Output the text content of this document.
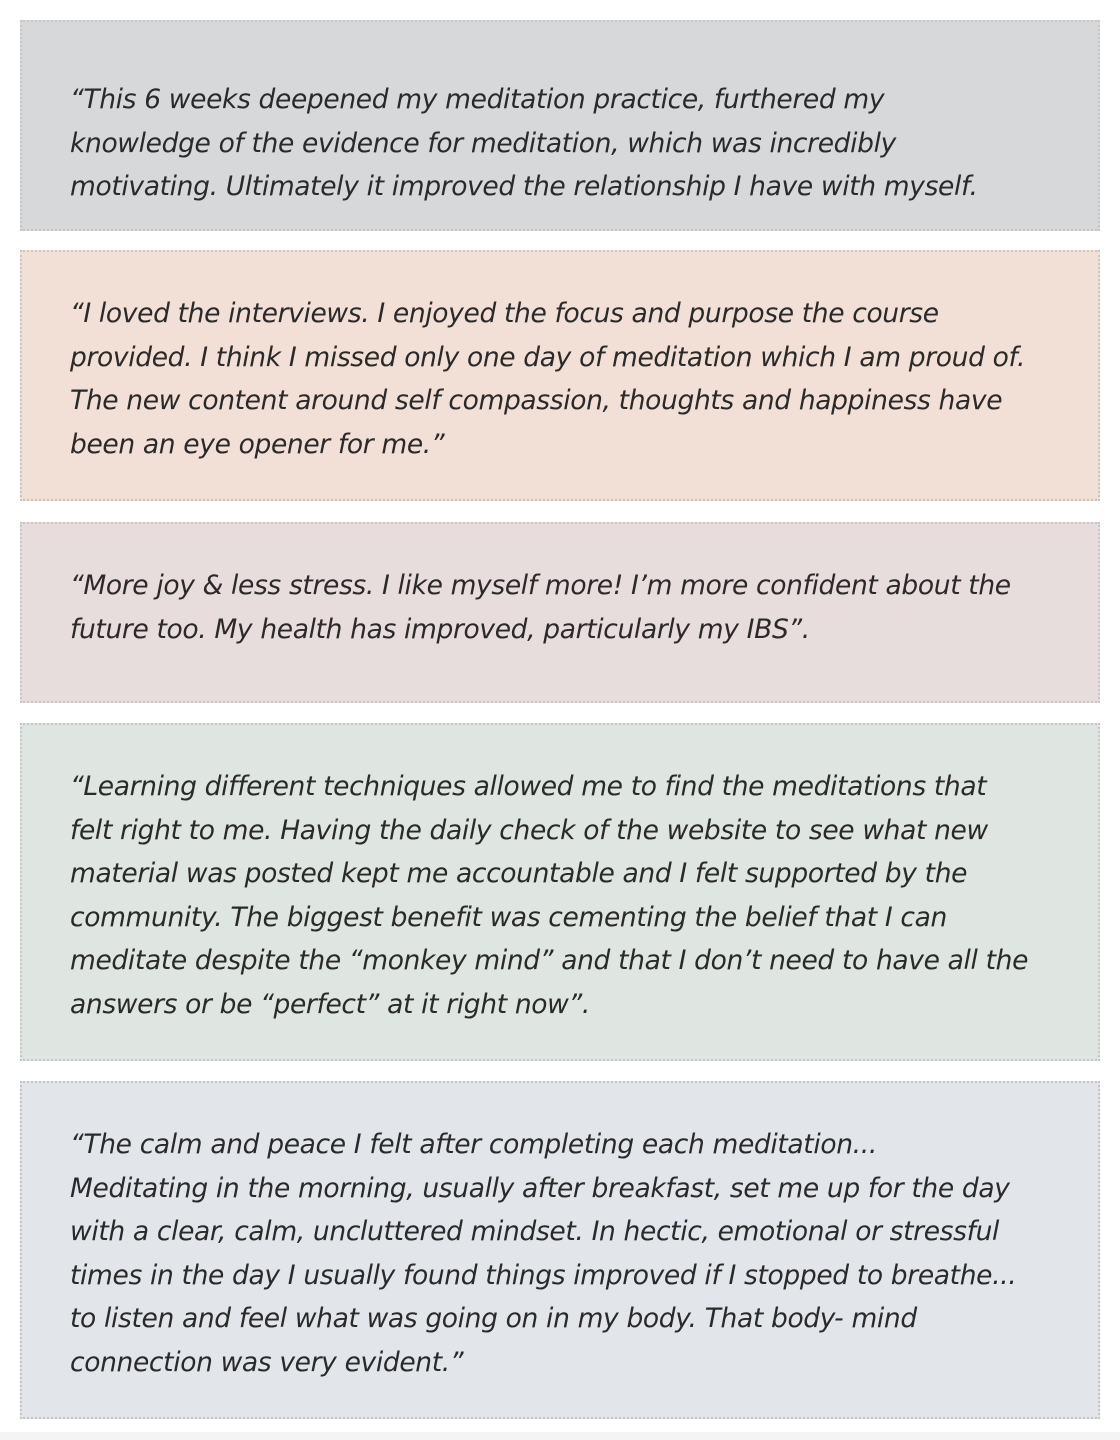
“This 6 weeks deepened my meditation practice, furthered my
knowledge of the evidence for meditation, which was incredibly
motivating. Ultimately it improved the relationship I have with myself.

“I loved the interviews. I enjoyed the focus and purpose the course
provided. I think I missed only one day of meditation which I am proud of.
The new content around self compassion, thoughts and happiness have
been an eye opener for me.”

“More joy & less stress. I like myself more! I’m more confident about the
future too. My health has improved, particularly my IBS”.

“Learning different techniques allowed me to find the meditations that
felt right to me. Having the daily check of the website to see what new
material was posted kept me accountable and I felt supported by the
community. The biggest benefit was cementing the belief that I can
meditate despite the “monkey mind” and that I don’t need to have all the
answers or be “perfect” at it right now”.

“The calm and peace I felt after completing each meditation...
Meditating in the morning, usually after breakfast, set me up for the day
with a clear, calm, uncluttered mindset. In hectic, emotional or stressful
times in the day I usually found things improved if I stopped to breathe...
to listen and feel what was going on in my body. That body- mind
connection was very evident.”
